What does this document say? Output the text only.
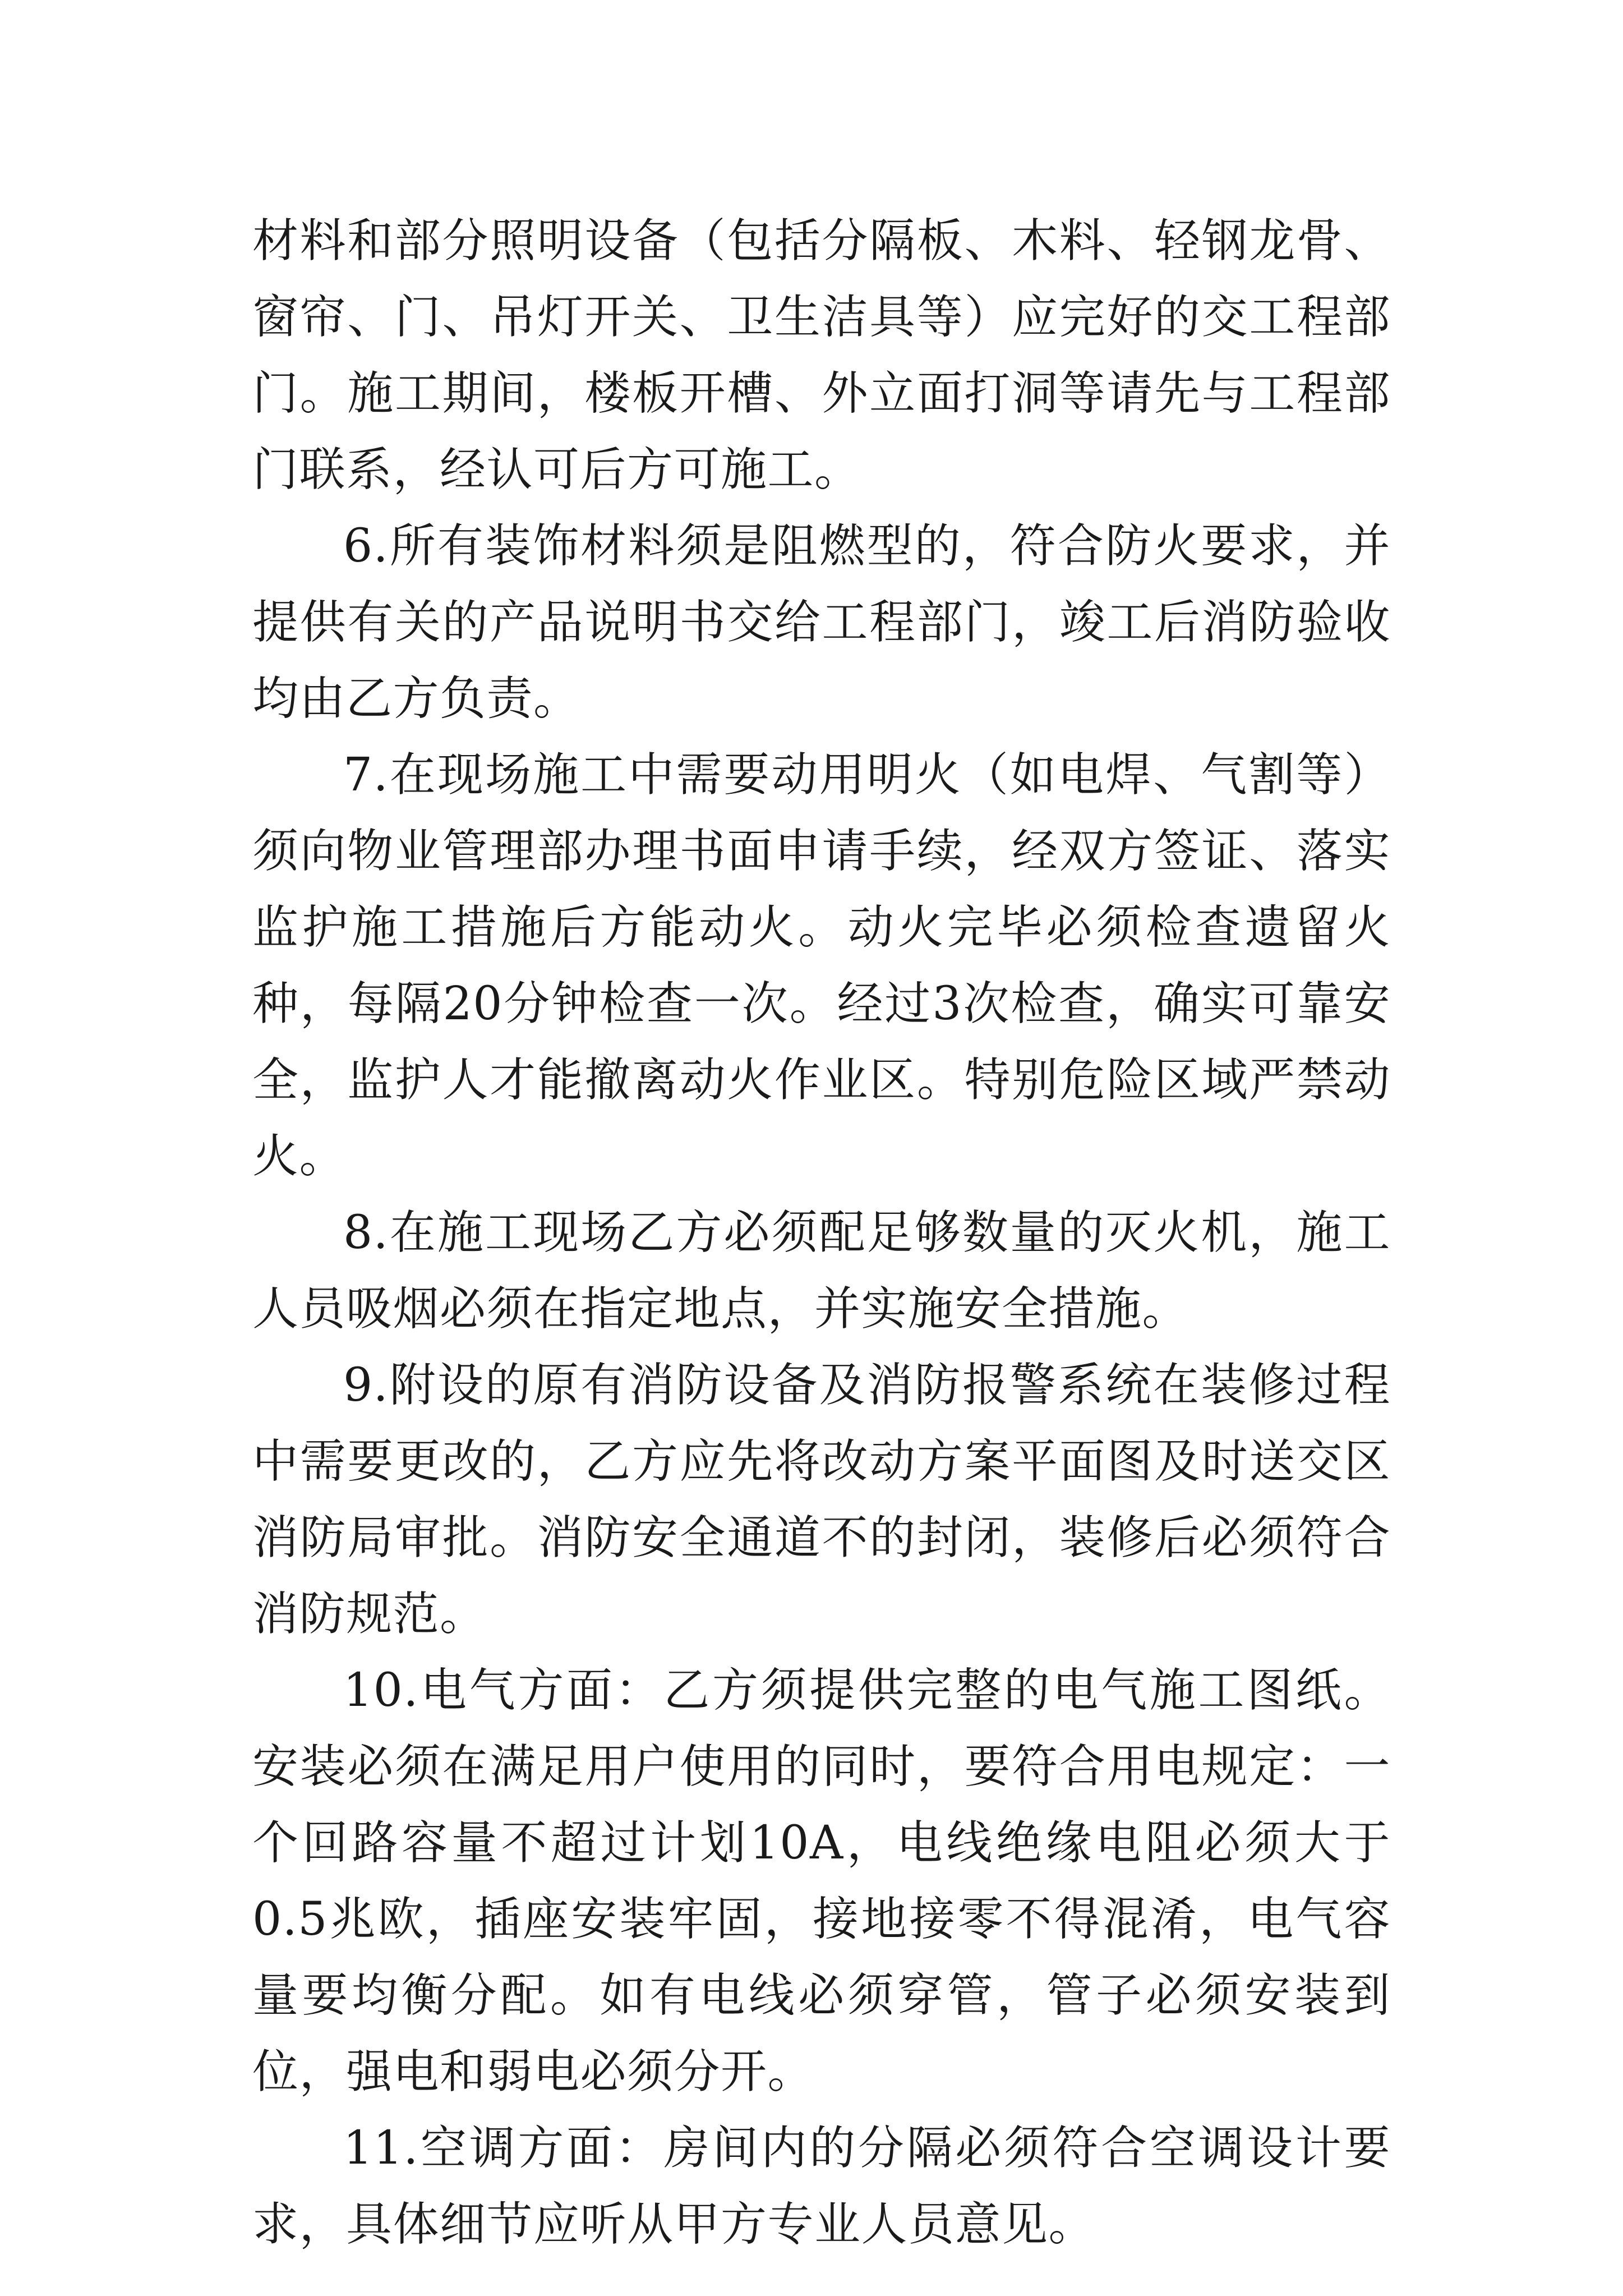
材料和部分照明设备（包括分隔板、木料、轻钢龙骨、窗帘、门、吊灯开关、卫生洁具等）应完好的交工程部门。施工期间，楼板开槽、外立面打洞等请先与工程部门联系，经认可后方可施工。

6.所有装饰材料须是阻燃型的，符合防火要求，并提供有关的产品说明书交给工程部门，竣工后消防验收均由乙方负责。

7.在现场施工中需要动用明火（如电焊、气割等）须向物业管理部办理书面申请手续，经双方签证、落实监护施工措施后方能动火。动火完毕必须检查遗留火种，每隔20分钟检查一次。经过3次检查，确实可靠安全，监护人才能撤离动火作业区。特别危险区域严禁动火。

8.在施工现场乙方必须配足够数量的灭火机，施工人员吸烟必须在指定地点，并实施安全措施。

9.附设的原有消防设备及消防报警系统在装修过程中需要更改的，乙方应先将改动方案平面图及时送交区消防局审批。消防安全通道不的封闭，装修后必须符合消防规范。

10.电气方面：乙方须提供完整的电气施工图纸。安装必须在满足用户使用的同时，要符合用电规定：一个回路容量不超过计划10A，电线绝缘电阻必须大于0.5兆欧，插座安装牢固，接地接零不得混淆，电气容量要均衡分配。如有电线必须穿管，管子必须安装到位，强电和弱电必须分开。

11.空调方面：房间内的分隔必须符合空调设计要求，具体细节应听从甲方专业人员意见。
